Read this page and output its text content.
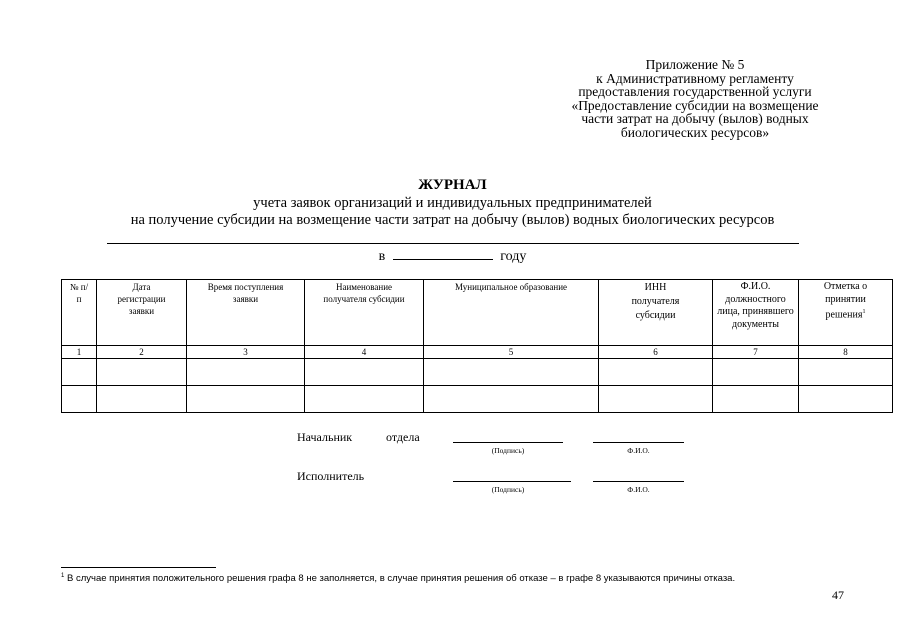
Приложение № 5
к Административному регламенту
предоставления государственной услуги
«Предоставление субсидии на возмещение
части затрат на добычу (вылов) водных
биологических ресурсов»
ЖУРНАЛ
учета заявок организаций и индивидуальных предпринимателей
на получение субсидии на возмещение части затрат на добычу (вылов) водных биологических ресурсов
в	году
№ п/п	Дата регистрации заявки	Время поступления заявки	Наименование получателя субсидии	Муниципальное образование	ИНН получателя субсидии	Ф.И.О. должностного лица, принявшего документы	Отметка о принятии решения$^1$

1	2	3	4	5	6	7	8

Начальник	отдела
(Подпись)	Ф.И.О.
Исполнитель
(Подпись)	Ф.И.О.
$^1$ В случае принятия положительного решения графа 8 не заполняется, в случае принятия решения об отказе – в графе 8 указываются причины отказа.
47
